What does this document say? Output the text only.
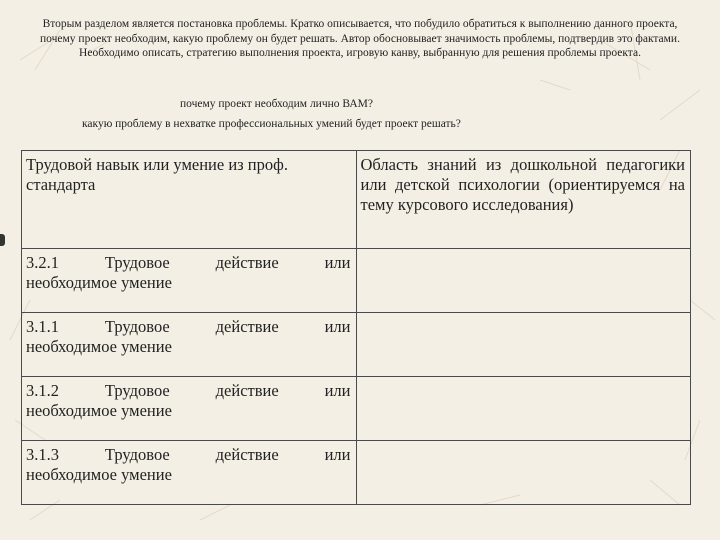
Вторым разделом является постановка проблемы. Кратко описывается, что побудило обратиться к выполнению данного проекта, почему проект необходим, какую проблему он будет решать. Автор обосновывает значимость проблемы, подтвердив это фактами. Необходимо описать, стратегию выполнения проекта, игровую канву, выбранную для решения проблемы проекта.
почему проект необходим лично ВАМ?
какую проблему в нехватке профессиональных умений будет проект решать?
Трудовой навык или умение из проф. стандарта	Область знаний из дошкольной педагогики или детской психологии (ориентируемся на тему курсового исследования)

3.2.1 Трудовое действие или
необходимое умение	

3.1.1 Трудовое действие или
необходимое умение	

3.1.2 Трудовое действие или
необходимое умение	

3.1.3 Трудовое действие или
необходимое умение	
